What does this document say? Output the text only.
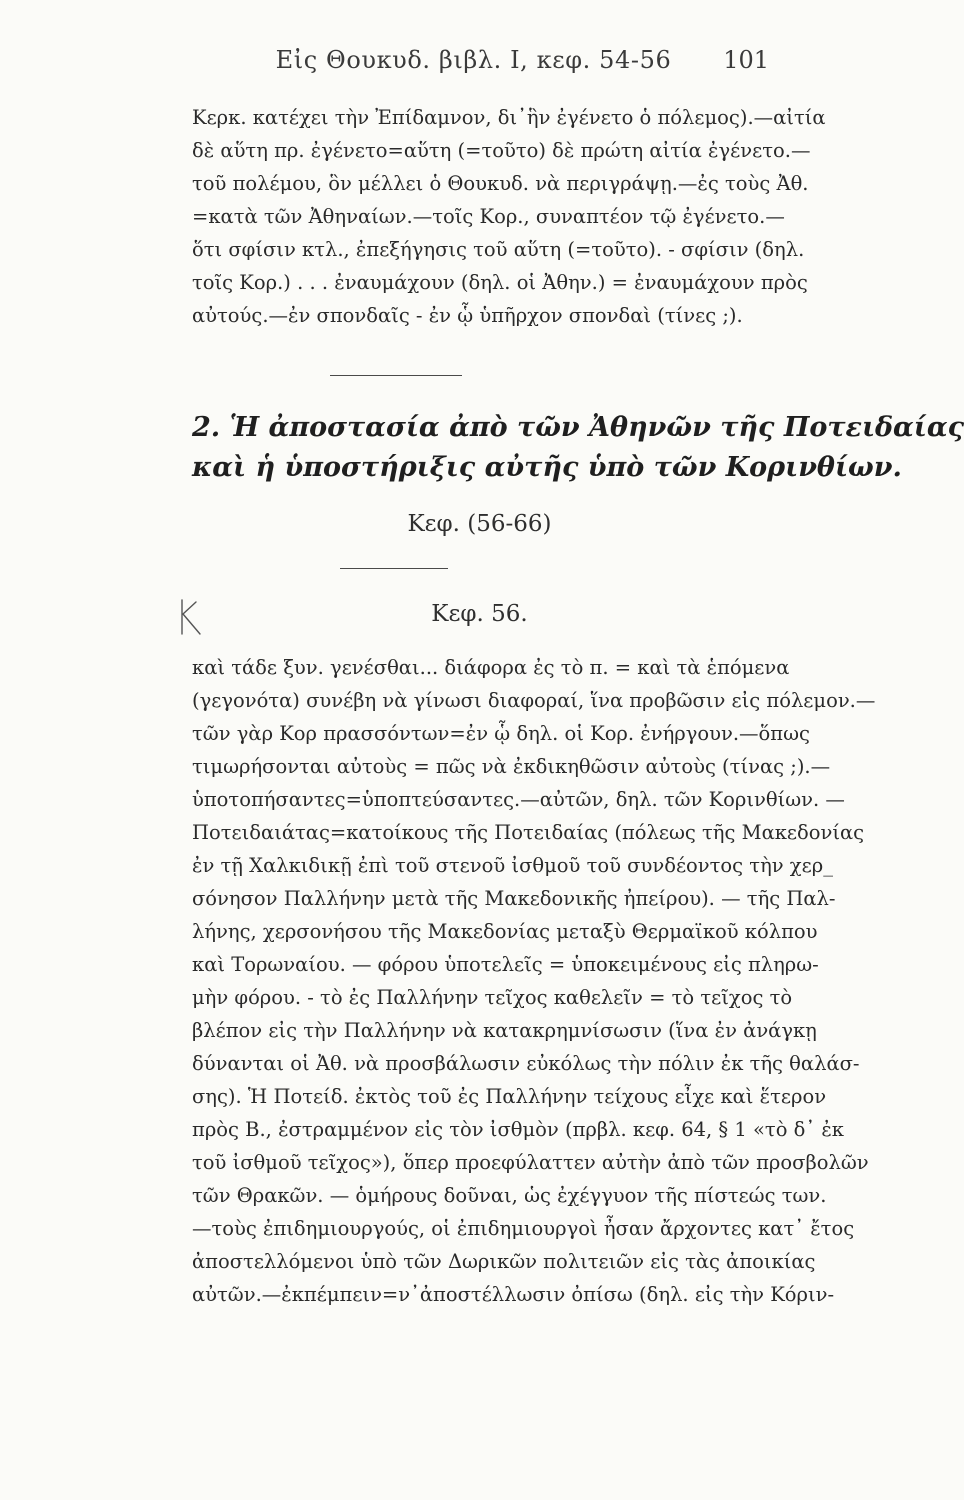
Εἰς Θουκυδ. βιβλ. Ι, κεφ. 54-56	101
Κερκ. κατέχει τὴν Ἐπίδαμνον, δι᾽ἣν ἐγένετο ὁ πόλεμος).—αἰτία
δὲ αὕτη πρ. ἐγένετο=αὕτη (=τοῦτο) δὲ πρώτη αἰτία ἐγένετο.—
τοῦ πολέμου, ὃν μέλλει ὁ Θουκυδ. νὰ περιγράψῃ.—ἐς τοὺς Ἀθ.
=κατὰ τῶν Ἀθηναίων.—τοῖς Κορ., συναπτέον τῷ ἐγένετο.—
ὅτι σφίσιν κτλ., ἐπεξήγησις τοῦ αὕτη (=τοῦτο). - σφίσιν (δηλ.
τοῖς Κορ.) . . . ἐναυμάχουν (δηλ. οἱ Ἀθην.) = ἐναυμάχουν πρὸς
αὐτούς.—ἐν σπονδαῖς - ἐν ᾧ ὑπῆρχον σπονδαὶ (τίνες ;).
2. Ἡ ἀποστασία ἀπὸ τῶν Ἀθηνῶν τῆς Ποτειδαίας
καὶ ἡ ὑποστήριξις αὐτῆς ὑπὸ τῶν Κορινθίων.
Κεφ. (56-66)
Κεφ. 56.
καὶ τάδε ξυν. γενέσθαι... διάφορα ἐς τὸ π. = καὶ τὰ ἑπόμενα
(γεγονότα) συνέβη νὰ γίνωσι διαφοραί, ἵνα προβῶσιν εἰς πόλεμον.—
τῶν γὰρ Κορ πρασσόντων=ἐν ᾧ δηλ. οἱ Κορ. ἐνήργουν.—ὅπως
τιμωρήσονται αὐτοὺς = πῶς νὰ ἐκδικηθῶσιν αὐτοὺς (τίνας ;).—
ὑποτοπήσαντες=ὑποπτεύσαντες.—αὐτῶν, δηλ. τῶν Κορινθίων. —
Ποτειδαιάτας=κατοίκους τῆς Ποτειδαίας (πόλεως τῆς Μακεδονίας
ἐν τῇ Χαλκιδικῇ ἐπὶ τοῦ στενοῦ ἰσθμοῦ τοῦ συνδέοντος τὴν χερ_
σόνησον Παλλήνην μετὰ τῆς Μακεδονικῆς ἠπείρου). — τῆς Παλ-
λήνης, χερσονήσου τῆς Μακεδονίας μεταξὺ Θερμαϊκοῦ κόλπου
καὶ Τορωναίου. — φόρου ὑποτελεῖς = ὑποκειμένους εἰς πληρω-
μὴν φόρου. - τὸ ἐς Παλλήνην τεῖχος καθελεῖν = τὸ τεῖχος τὸ
βλέπον εἰς τὴν Παλλήνην νὰ κατακρημνίσωσιν (ἵνα ἐν ἀνάγκῃ
δύνανται οἱ Ἀθ. νὰ προσβάλωσιν εὐκόλως τὴν πόλιν ἐκ τῆς θαλάσ-
σης). Ἡ Ποτείδ. ἐκτὸς τοῦ ἐς Παλλήνην τείχους εἶχε καὶ ἕτερον
πρὸς Β., ἐστραμμένον εἰς τὸν ἰσθμὸν (πρβλ. κεφ. 64, § 1 «τὸ δ᾽ ἐκ
τοῦ ἰσθμοῦ τεῖχος»), ὅπερ προεφύλαττεν αὐτὴν ἀπὸ τῶν προσβολῶν
τῶν Θρακῶν. — ὁμήρους δοῦναι, ὡς ἐχέγγυον τῆς πίστεώς των.
—τοὺς ἐπιδημιουργούς, οἱ ἐπιδημιουργοὶ ἦσαν ἄρχοντες κατ᾽ ἔτος
ἀποστελλόμενοι ὑπὸ τῶν Δωρικῶν πολιτειῶν εἰς τὰς ἀποικίας
αὐτῶν.—ἐκπέμπειν=ν᾽ἀποστέλλωσιν ὀπίσω (δηλ. εἰς τὴν Κόριν-
